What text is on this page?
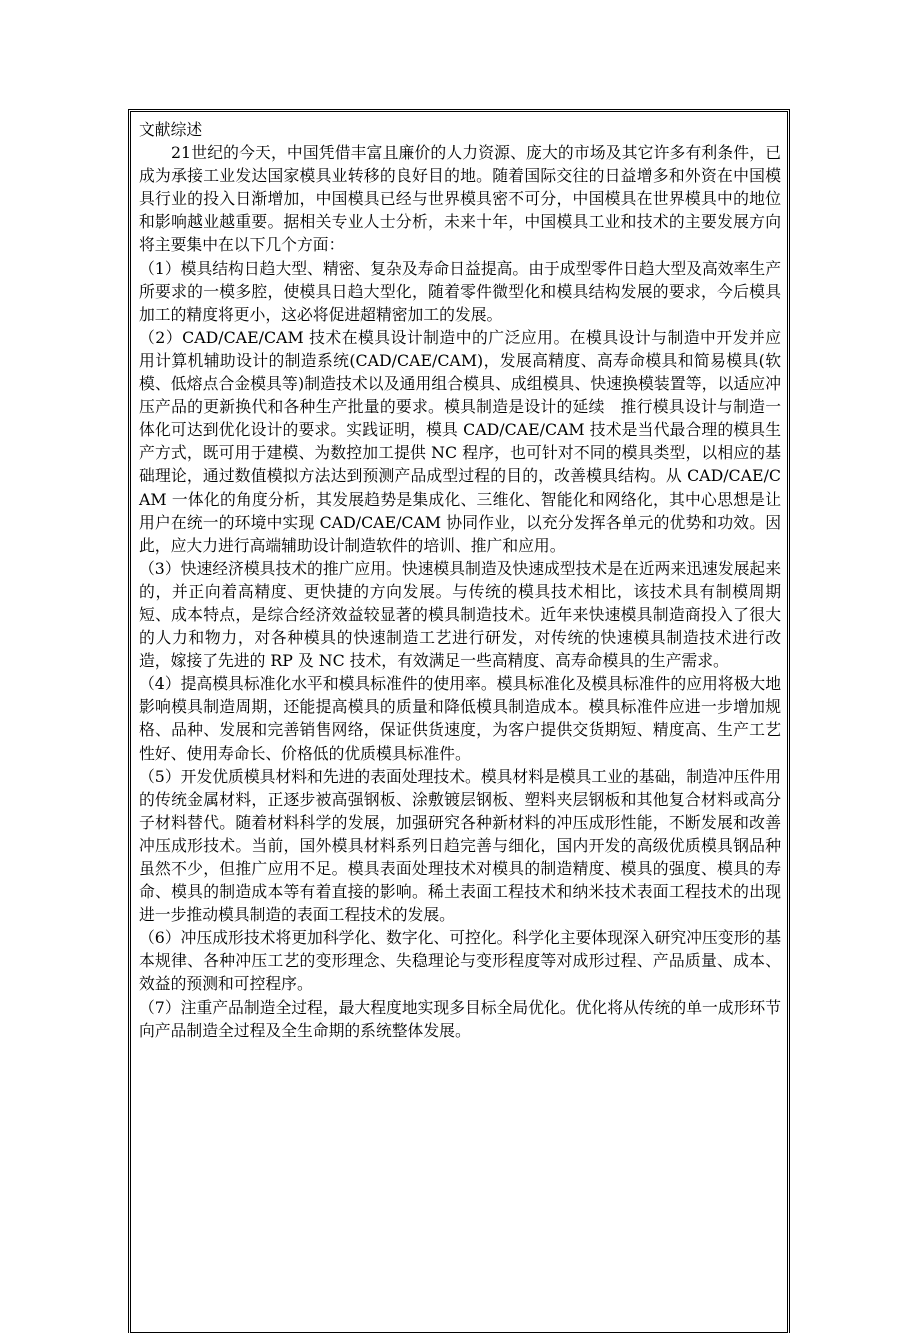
文献综述

21世纪的今天，中国凭借丰富且廉价的人力资源、庞大的市场及其它许多有利条件，已成为承接工业发达国家模具业转移的良好目的地。随着国际交往的日益增多和外资在中国模具行业的投入日渐增加，中国模具已经与世界模具密不可分，中国模具在世界模具中的地位和影响越业越重要。据相关专业人士分析，未来十年，中国模具工业和技术的主要发展方向将主要集中在以下几个方面：

（1）模具结构日趋大型、精密、复杂及寿命日益提高。由于成型零件日趋大型及高效率生产所要求的一模多腔，使模具日趋大型化，随着零件微型化和模具结构发展的要求，今后模具加工的精度将更小，这必将促进超精密加工的发展。

（2）CAD/CAE/CAM 技术在模具设计制造中的广泛应用。在模具设计与制造中开发并应用计算机辅助设计的制造系统(CAD/CAE/CAM)，发展高精度、高寿命模具和简易模具(软模、低熔点合金模具等)制造技术以及通用组合模具、成组模具、快速换模装置等，以适应冲压产品的更新换代和各种生产批量的要求。模具制造是设计的延续　推行模具设计与制造一体化可达到优化设计的要求。实践证明，模具 CAD/CAE/CAM 技术是当代最合理的模具生产方式，既可用于建模、为数控加工提供 NC 程序，也可针对不同的模具类型，以相应的基础理论，通过数值模拟方法达到预测产品成型过程的目的，改善模具结构。从 CAD/CAE/CAM 一体化的角度分析，其发展趋势是集成化、三维化、智能化和网络化，其中心思想是让用户在统一的环境中实现 CAD/CAE/CAM 协同作业，以充分发挥各单元的优势和功效。因此，应大力进行高端辅助设计制造软件的培训、推广和应用。

（3）快速经济模具技术的推广应用。快速模具制造及快速成型技术是在近两来迅速发展起来的，并正向着高精度、更快捷的方向发展。与传统的模具技术相比，该技术具有制模周期短、成本特点，是综合经济效益较显著的模具制造技术。近年来快速模具制造商投入了很大的人力和物力，对各种模具的快速制造工艺进行研发，对传统的快速模具制造技术进行改造，嫁接了先进的 RP 及 NC 技术，有效满足一些高精度、高寿命模具的生产需求。

（4）提高模具标准化水平和模具标准件的使用率。模具标准化及模具标准件的应用将极大地影响模具制造周期，还能提高模具的质量和降低模具制造成本。模具标准件应进一步增加规格、品种、发展和完善销售网络，保证供货速度，为客户提供交货期短、精度高、生产工艺性好、使用寿命长、价格低的优质模具标准件。

（5）开发优质模具材料和先进的表面处理技术。模具材料是模具工业的基础，制造冲压件用的传统金属材料，正逐步被高强钢板、涂敷镀层钢板、塑料夹层钢板和其他复合材料或高分子材料替代。随着材料科学的发展，加强研究各种新材料的冲压成形性能，不断发展和改善冲压成形技术。当前，国外模具材料系列日趋完善与细化，国内开发的高级优质模具钢品种虽然不少，但推广应用不足。模具表面处理技术对模具的制造精度、模具的强度、模具的寿命、模具的制造成本等有着直接的影响。稀土表面工程技术和纳米技术表面工程技术的出现进一步推动模具制造的表面工程技术的发展。

（6）冲压成形技术将更加科学化、数字化、可控化。科学化主要体现深入研究冲压变形的基本规律、各种冲压工艺的变形理念、失稳理论与变形程度等对成形过程、产品质量、成本、效益的预测和可控程序。

（7）注重产品制造全过程，最大程度地实现多目标全局优化。优化将从传统的单一成形环节向产品制造全过程及全生命期的系统整体发展。
